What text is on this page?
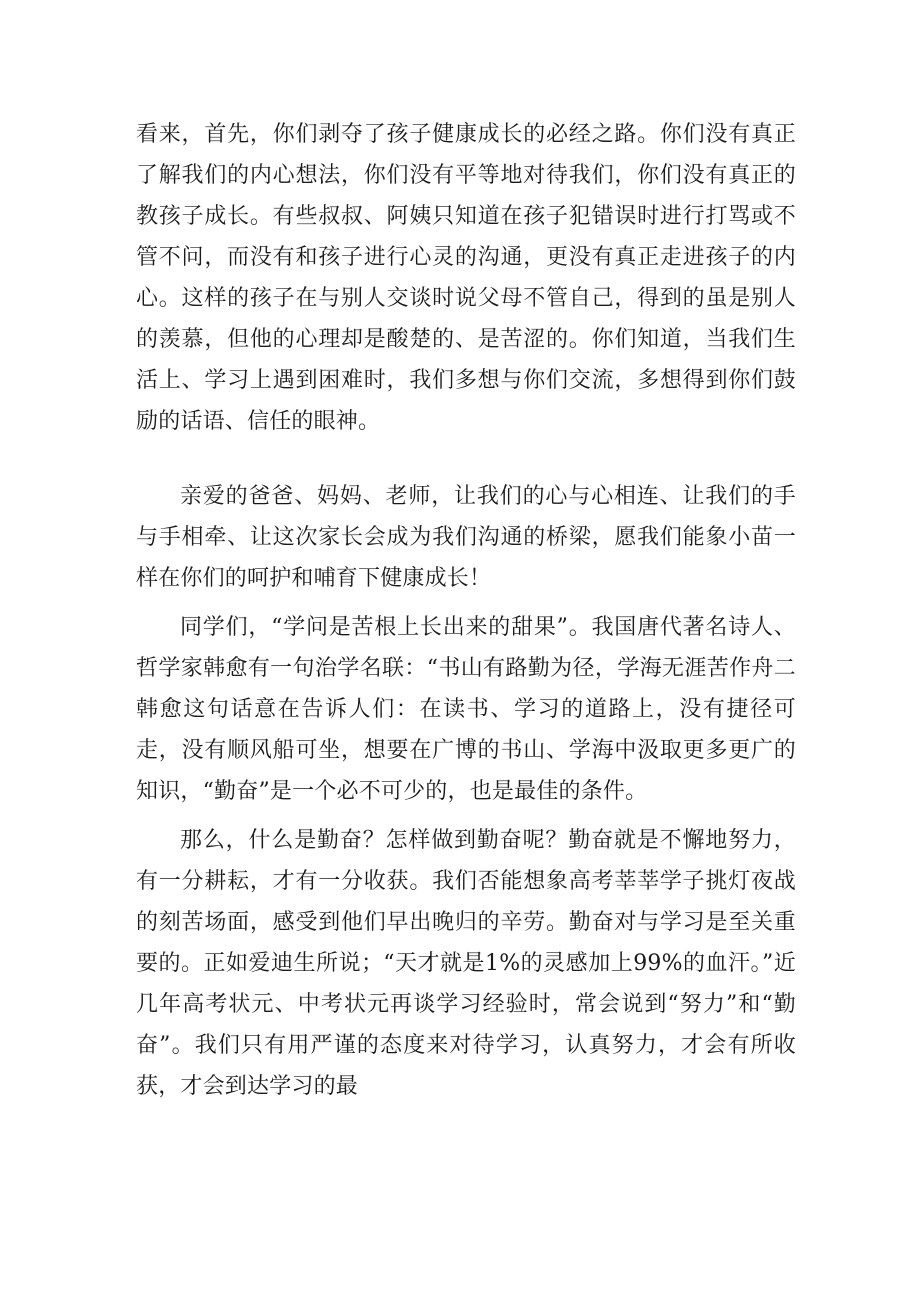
看来，首先，你们剥夺了孩子健康成长的必经之路。你们没有真正了解我们的内心想法，你们没有平等地对待我们，你们没有真正的教孩子成长。有些叔叔、阿姨只知道在孩子犯错误时进行打骂或不管不问，而没有和孩子进行心灵的沟通，更没有真正走进孩子的内心。这样的孩子在与别人交谈时说父母不管自己，得到的虽是别人的羡慕，但他的心理却是酸楚的、是苦涩的。你们知道，当我们生活上、学习上遇到困难时，我们多想与你们交流，多想得到你们鼓励的话语、信任的眼神。

亲爱的爸爸、妈妈、老师，让我们的心与心相连、让我们的手与手相牵、让这次家长会成为我们沟通的桥梁，愿我们能象小苗一样在你们的呵护和哺育下健康成长！

同学们，“学问是苦根上长出来的甜果”。我国唐代著名诗人、哲学家韩愈有一句治学名联：“书山有路勤为径，学海无涯苦作舟二韩愈这句话意在告诉人们：在读书、学习的道路上，没有捷径可走，没有顺风船可坐，想要在广博的书山、学海中汲取更多更广的知识，“勤奋”是一个必不可少的，也是最佳的条件。

那么，什么是勤奋？怎样做到勤奋呢？勤奋就是不懈地努力，有一分耕耘，才有一分收获。我们否能想象高考莘莘学子挑灯夜战的刻苦场面，感受到他们早出晚归的辛劳。勤奋对与学习是至关重要的。正如爱迪生所说；“天才就是1%的灵感加上99%的血汗。”近几年高考状元、中考状元再谈学习经验时，常会说到“努力”和“勤奋”。我们只有用严谨的态度来对待学习，认真努力，才会有所收获，才会到达学习的最
